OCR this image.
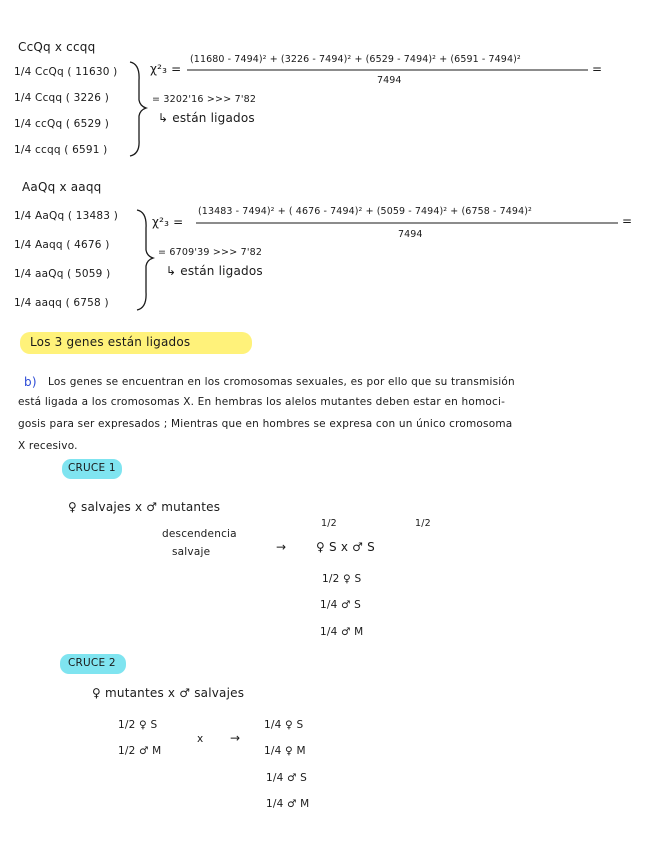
CcQq x ccqq
1/4 CcQq ( 11630 )
1/4 Ccqq ( 3226 )
1/4 ccQq ( 6529 )
1/4 ccqq ( 6591 )
χ²₃ =
(11680 - 7494)² + (3226 - 7494)² + (6529 - 7494)² + (6591 - 7494)²
7494
=
= 3202'16 >>> 7'82
↳ están ligados
AaQq x aaqq
1/4 AaQq ( 13483 )
1/4 Aaqq ( 4676 )
1/4 aaQq ( 5059 )
1/4 aaqq ( 6758 )
χ²₃ =
(13483 - 7494)² + ( 4676 - 7494)² + (5059 - 7494)² + (6758 - 7494)²
7494
=
= 6709'39 >>> 7'82
↳ están ligados
Los 3 genes están ligados
b) Los genes se encuentran en los cromosomas sexuales, es por ello que su transmisión
está ligada a los cromosomas X. En hembras los alelos mutantes deben estar en homoci-
gosis para ser expresados ; Mientras que en hombres se expresa con un único cromosoma
X recesivo.
CRUCE 1
♀ salvajes x ♂ mutantes
descendencia
salvaje	→
1/2	1/2
♀ S x ♂ S
1/2 ♀ S
1/4 ♂ S
1/4 ♂ M
CRUCE 2
♀ mutantes x ♂ salvajes
1/2 ♀ S
1/2 ♂ M
x →
1/4 ♀ S
1/4 ♀ M
1/4 ♂ S
1/4 ♂ M
